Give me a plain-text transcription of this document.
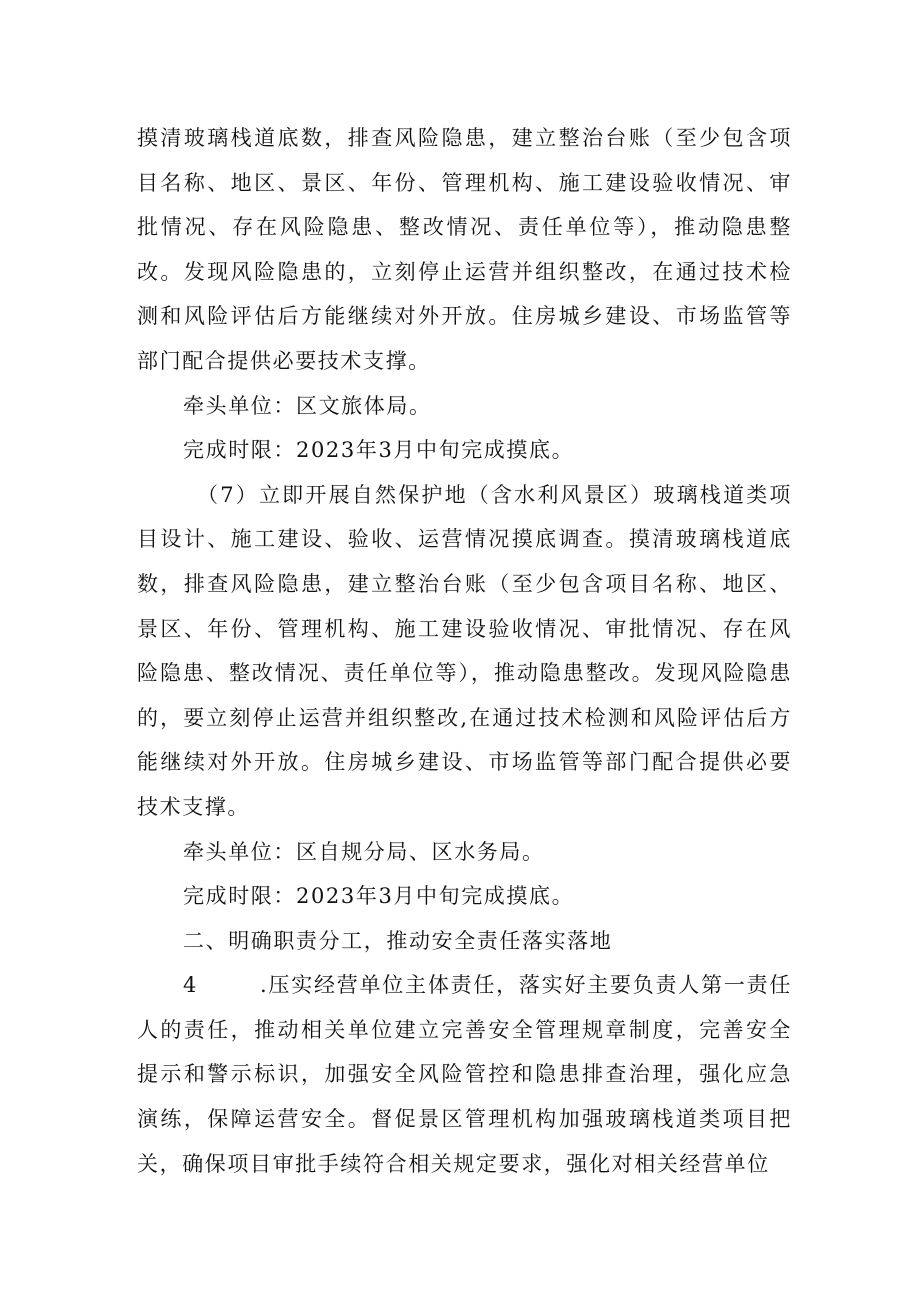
摸清玻璃栈道底数，排查风险隐患，建立整治台账（至少包含项目名称、地区、景区、年份、管理机构、施工建设验收情况、审批情况、存在风险隐患、整改情况、责任单位等），推动隐患整改。发现风险隐患的，立刻停止运营并组织整改，在通过技术检测和风险评估后方能继续对外开放。住房城乡建设、市场监管等部门配合提供必要技术支撑。

牵头单位：区文旅体局。

完成时限：2023年3月中旬完成摸底。

（7）立即开展自然保护地（含水利风景区）玻璃栈道类项目设计、施工建设、验收、运营情况摸底调查。摸清玻璃栈道底数，排查风险隐患，建立整治台账（至少包含项目名称、地区、景区、年份、管理机构、施工建设验收情况、审批情况、存在风险隐患、整改情况、责任单位等），推动隐患整改。发现风险隐患的，要立刻停止运营并组织整改,在通过技术检测和风险评估后方能继续对外开放。住房城乡建设、市场监管等部门配合提供必要技术支撑。

牵头单位：区自规分局、区水务局。

完成时限：2023年3月中旬完成摸底。

二、明确职责分工，推动安全责任落实落地

4	.压实经营单位主体责任，落实好主要负责人第一责任人的责任，推动相关单位建立完善安全管理规章制度，完善安全提示和警示标识，加强安全风险管控和隐患排查治理，强化应急演练，保障运营安全。督促景区管理机构加强玻璃栈道类项目把关，确保项目审批手续符合相关规定要求，强化对相关经营单位
